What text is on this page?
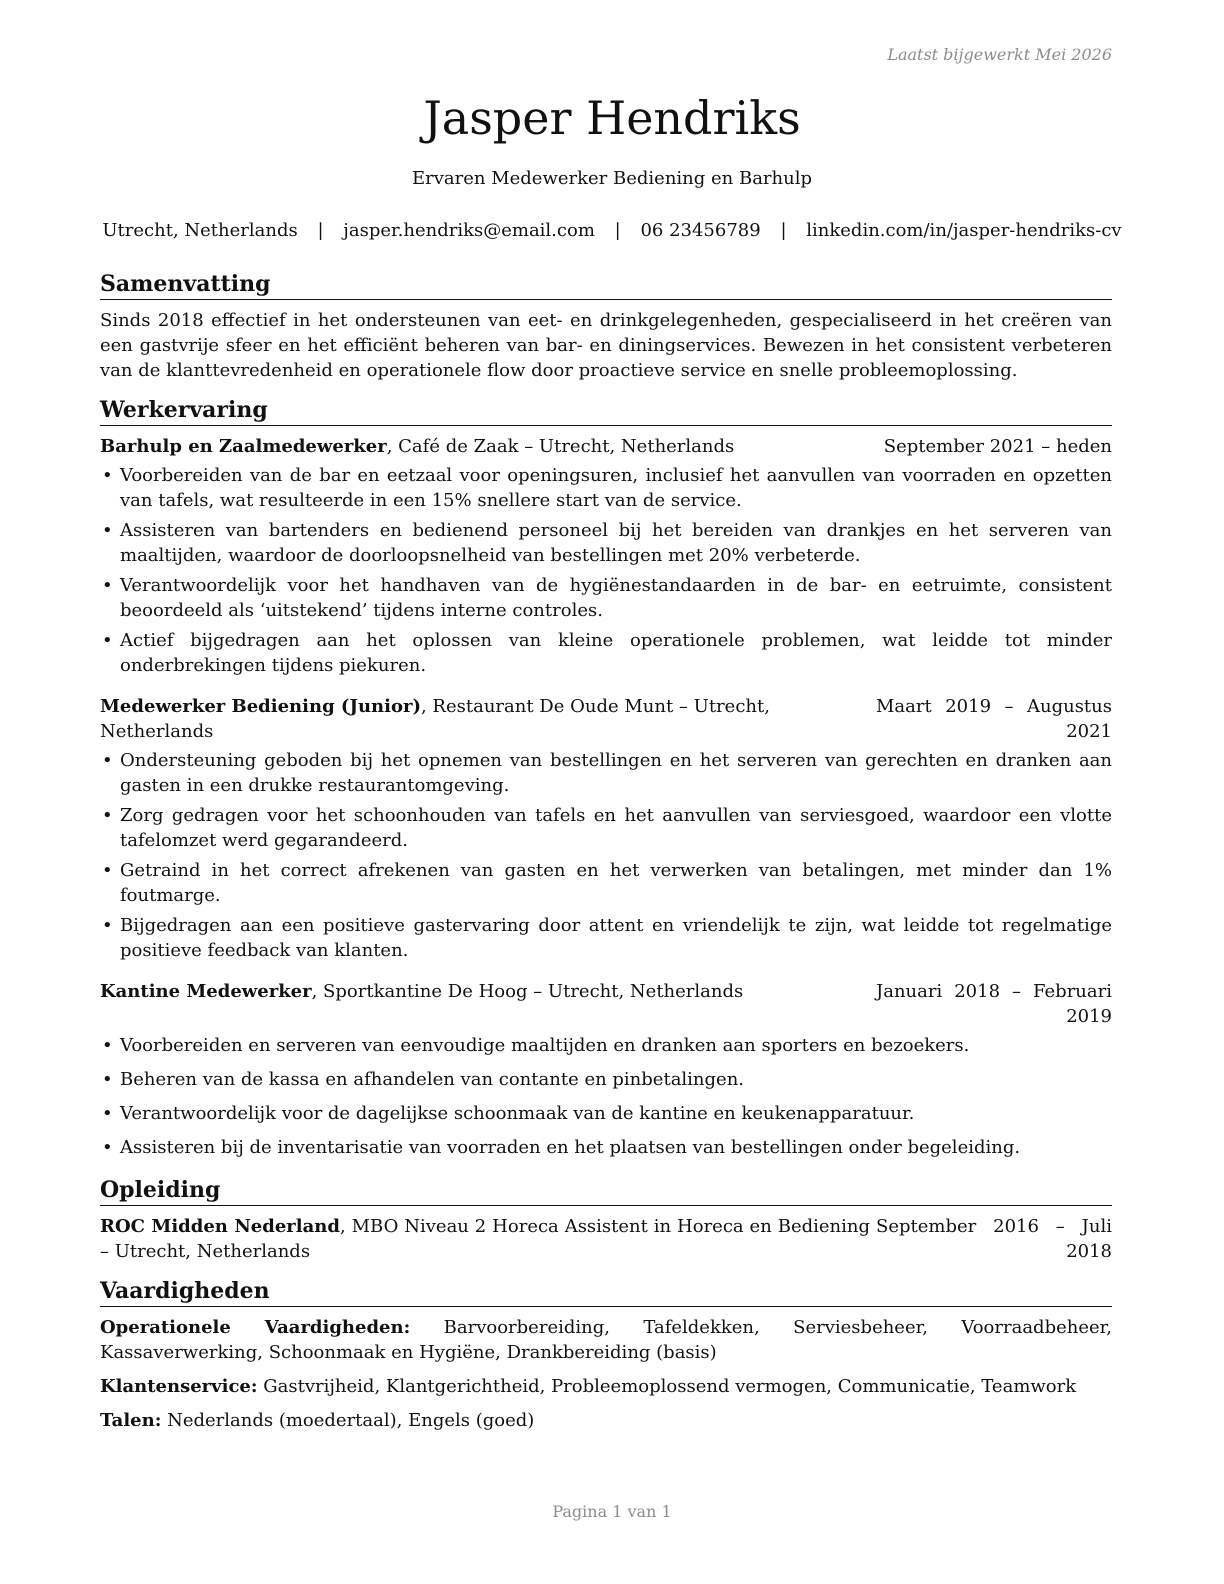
Laatst bijgewerkt Mei 2026
Jasper Hendriks
Ervaren Medewerker Bediening en Barhulp
Utrecht, Netherlands | jasper.hendriks@email.com | 06 23456789 | linkedin.com/in/jasper-hendriks-cv
Samenvatting

Sinds 2018 effectief in het ondersteunen van eet- en drinkgelegenheden, gespecialiseerd in het creëren van een gastvrije sfeer en het efficiënt beheren van bar- en diningservices. Bewezen in het consistent verbeteren van de klanttevredenheid en operationele flow door proactieve service en snelle probleemoplossing.

Werkervaring
Barhulp en Zaalmedewerker, Café de Zaak – Utrecht, Netherlands	September 2021 – heden
• Voorbereiden van de bar en eetzaal voor openingsuren, inclusief het aanvullen van voorraden en opzetten van tafels, wat resulteerde in een 15% snellere start van de service.
• Assisteren van bartenders en bedienend personeel bij het bereiden van drankjes en het serveren van maaltijden, waardoor de doorloopsnelheid van bestellingen met 20% verbeterde.
• Verantwoordelijk voor het handhaven van de hygiënestandaarden in de bar- en eetruimte, consistent beoordeeld als ‘uitstekend’ tijdens interne controles.
• Actief bijgedragen aan het oplossen van kleine operationele problemen, wat leidde tot minder onderbrekingen tijdens piekuren.
Medewerker Bediening (Junior), Restaurant De Oude Munt – Utrecht, Netherlands
Maart 2019 – Augustus
2021
• Ondersteuning geboden bij het opnemen van bestellingen en het serveren van gerechten en dranken aan gasten in een drukke restaurantomgeving.
• Zorg gedragen voor het schoonhouden van tafels en het aanvullen van serviesgoed, waardoor een vlotte tafelomzet werd gegarandeerd.
• Getraind in het correct afrekenen van gasten en het verwerken van betalingen, met minder dan 1% foutmarge.
• Bijgedragen aan een positieve gastervaring door attent en vriendelijk te zijn, wat leidde tot regelmatige positieve feedback van klanten.
Kantine Medewerker, Sportkantine De Hoog – Utrecht, Netherlands	Januari 2018 – Februari
2019
• Voorbereiden en serveren van eenvoudige maaltijden en dranken aan sporters en bezoekers.
• Beheren van de kassa en afhandelen van contante en pinbetalingen.
• Verantwoordelijk voor de dagelijkse schoonmaak van de kantine en keukenapparatuur.
• Assisteren bij de inventarisatie van voorraden en het plaatsen van bestellingen onder begeleiding.
Opleiding
ROC Midden Nederland, MBO Niveau 2 Horeca Assistent in Horeca en Bediening – Utrecht, Netherlands
September 2016 – Juli
2018
Vaardigheden

Operationele Vaardigheden: Barvoorbereiding, Tafeldekken, Serviesbeheer, Voorraadbeheer, Kassaverwerking, Schoonmaak en Hygiëne, Drankbereiding (basis)

Klantenservice: Gastvrijheid, Klantgerichtheid, Probleemoplossend vermogen, Communicatie, Teamwork

Talen: Nederlands (moedertaal), Engels (goed)

Pagina 1 van 1
